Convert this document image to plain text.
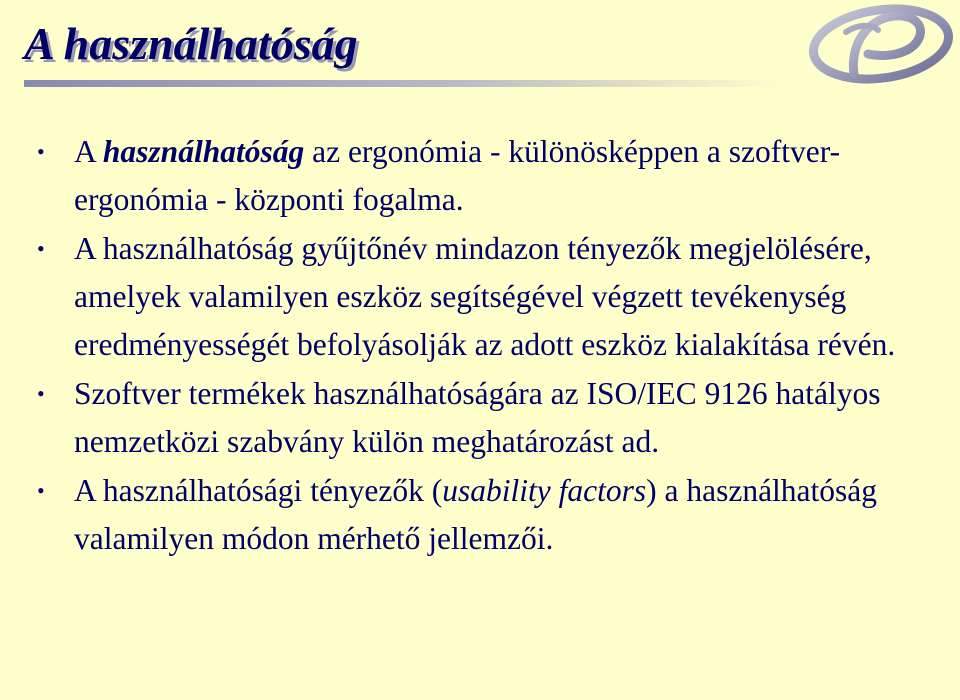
A használhatóság
• A használhatóság az ergonómia - különösképpen a szoftver-ergonómia - központi fogalma.
• A használhatóság gyűjtőnév mindazon tényezők megjelölésére, amelyek valamilyen eszköz segítségével végzett tevékenység eredményességét befolyásolják az adott eszköz kialakítása révén.
• Szoftver termékek használhatóságára az ISO/IEC 9126 hatályos nemzetközi szabvány külön meghatározást ad.
• A használhatósági tényezők (usability factors) a használhatóság valamilyen módon mérhető jellemzői.
